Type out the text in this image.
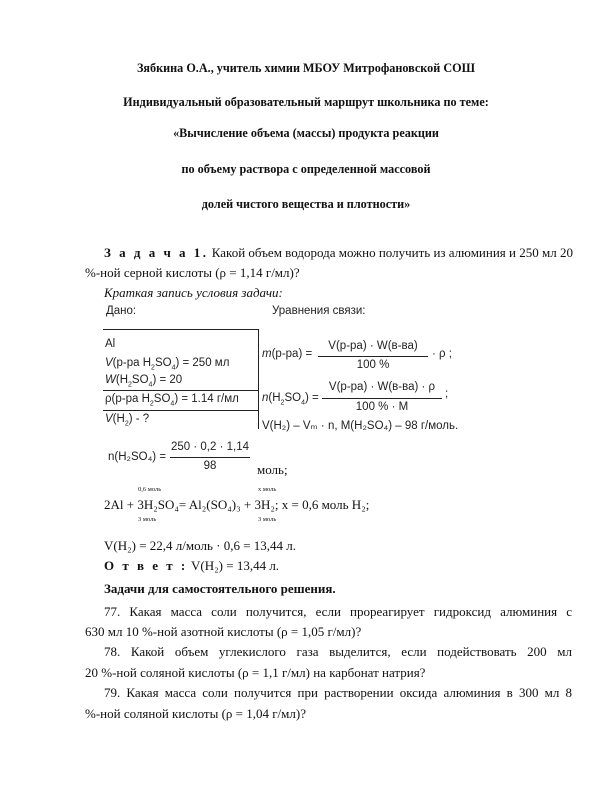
Зябкина О.А., учитель химии МБОУ Митрофановской СОШ
Индивидуальный образовательный маршрут школьника по теме:
«Вычисление объема (массы) продукта реакции
по объему раствора с определенной массовой
долей чистого вещества и плотности»
З а д а ч а 1. Какой объем водорода можно получить из алюминия и 250 мл 20
%-ной серной кислоты (ρ = 1,14 г/мл)?
Краткая запись условия задачи:
Дано:	Уравнения связи:
Al
V(р-ра $H_2SO_4) = 250$ мл
$W(H_2SO_4) = 20$
ρ(р-ра $H_2SO_4) = 1.14$ г/мл
$V(H_2)$ - ?
m(р-ра) =
V(р-ра) · W(в-ва)
100 %
· ρ ;
$n(H_2SO_4)$ =
V(р-ра) · W(в-ва) · ρ
100 % · M
;
V(H₂) – Vₘ · n, M(H₂SO₄) – 98 г/моль.
n(H₂SO₄) =
250 · 0,2 · 1,14
98	моль;
0,6 моль	x моль
2Al + 3H₂SO₄= Al₂(SO₄)₃ + 3H₂; x = 0,6 моль H₂;
3 моль	3 моль
V(H₂) = 22,4 л/моль · 0,6 = 13,44 л.
О т в е т : V(H₂) = 13,44 л.
Задачи для самостоятельного решения.
77. Какая масса соли получится, если прореагирует гидроксид алюминия с
630 мл 10 %-ной азотной кислоты (ρ = 1,05 г/мл)?
78. Какой объем углекислого газа выделится, если подействовать 200 мл
20 %-ной соляной кислоты (ρ = 1,1 г/мл) на карбонат натрия?
79. Какая масса соли получится при растворении оксида алюминия в 300 мл 8
%-ной соляной кислоты (ρ = 1,04 г/мл)?
